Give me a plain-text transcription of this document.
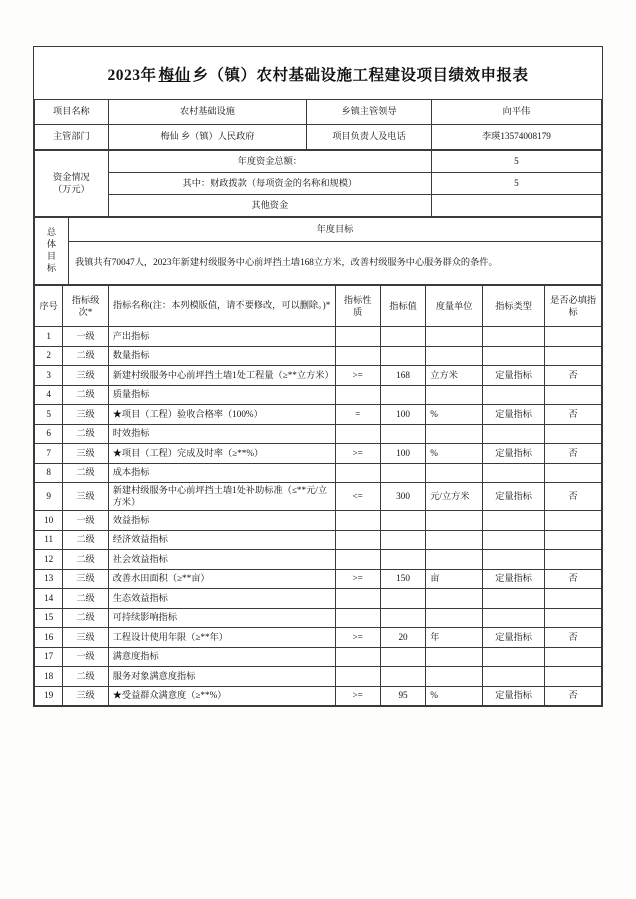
2023年 梅仙 乡（镇）农村基础设施工程建设项目绩效申报表
项目名称	农村基础设施	乡镇主管领导	向平伟
主管部门	梅仙 乡（镇）人民政府	项目负责人及电话	李瑛13574008179
资金情况
（万元）	年度资金总额：	5
	其中：财政拨款（每项资金的名称和规模）	5
	其他资金	
总
体
目
标
	年度目标
我镇共有70047人，2023年新建村级服务中心前坪挡土墙168立方米，改善村级服务中心服务群众的条件。
序号	指标级次*	指标名称(注：本列模版值，请不要修改，可以删除。)*	指标性质	指标值	度量单位	指标类型	是否必填指标
1	一级	产出指标					
2	二级	数量指标					
3	三级	新建村级服务中心前坪挡土墙1处工程量（≥**立方米）	>=	168	立方米	定量指标	否
4	二级	质量指标					
5	三级	★项目（工程）验收合格率（100%）	=	100	%	定量指标	否
6	二级	时效指标					
7	三级	★项目（工程）完成及时率（≥**%）	>=	100	%	定量指标	否
8	二级	成本指标					
9	三级	新建村级服务中心前坪挡土墙1处补助标准（≤**元/立方米）	<=	300	元/立方米	定量指标	否
10	一级	效益指标					
11	二级	经济效益指标					
12	二级	社会效益指标					
13	三级	改善水田面积（≥**亩）	>=	150	亩	定量指标	否
14	二级	生态效益指标					
15	二级	可持续影响指标					
16	三级	工程设计使用年限（≥**年）	>=	20	年	定量指标	否
17	一级	满意度指标					
18	二级	服务对象满意度指标					
19	三级	★受益群众满意度（≥**%）	>=	95	%	定量指标	否
